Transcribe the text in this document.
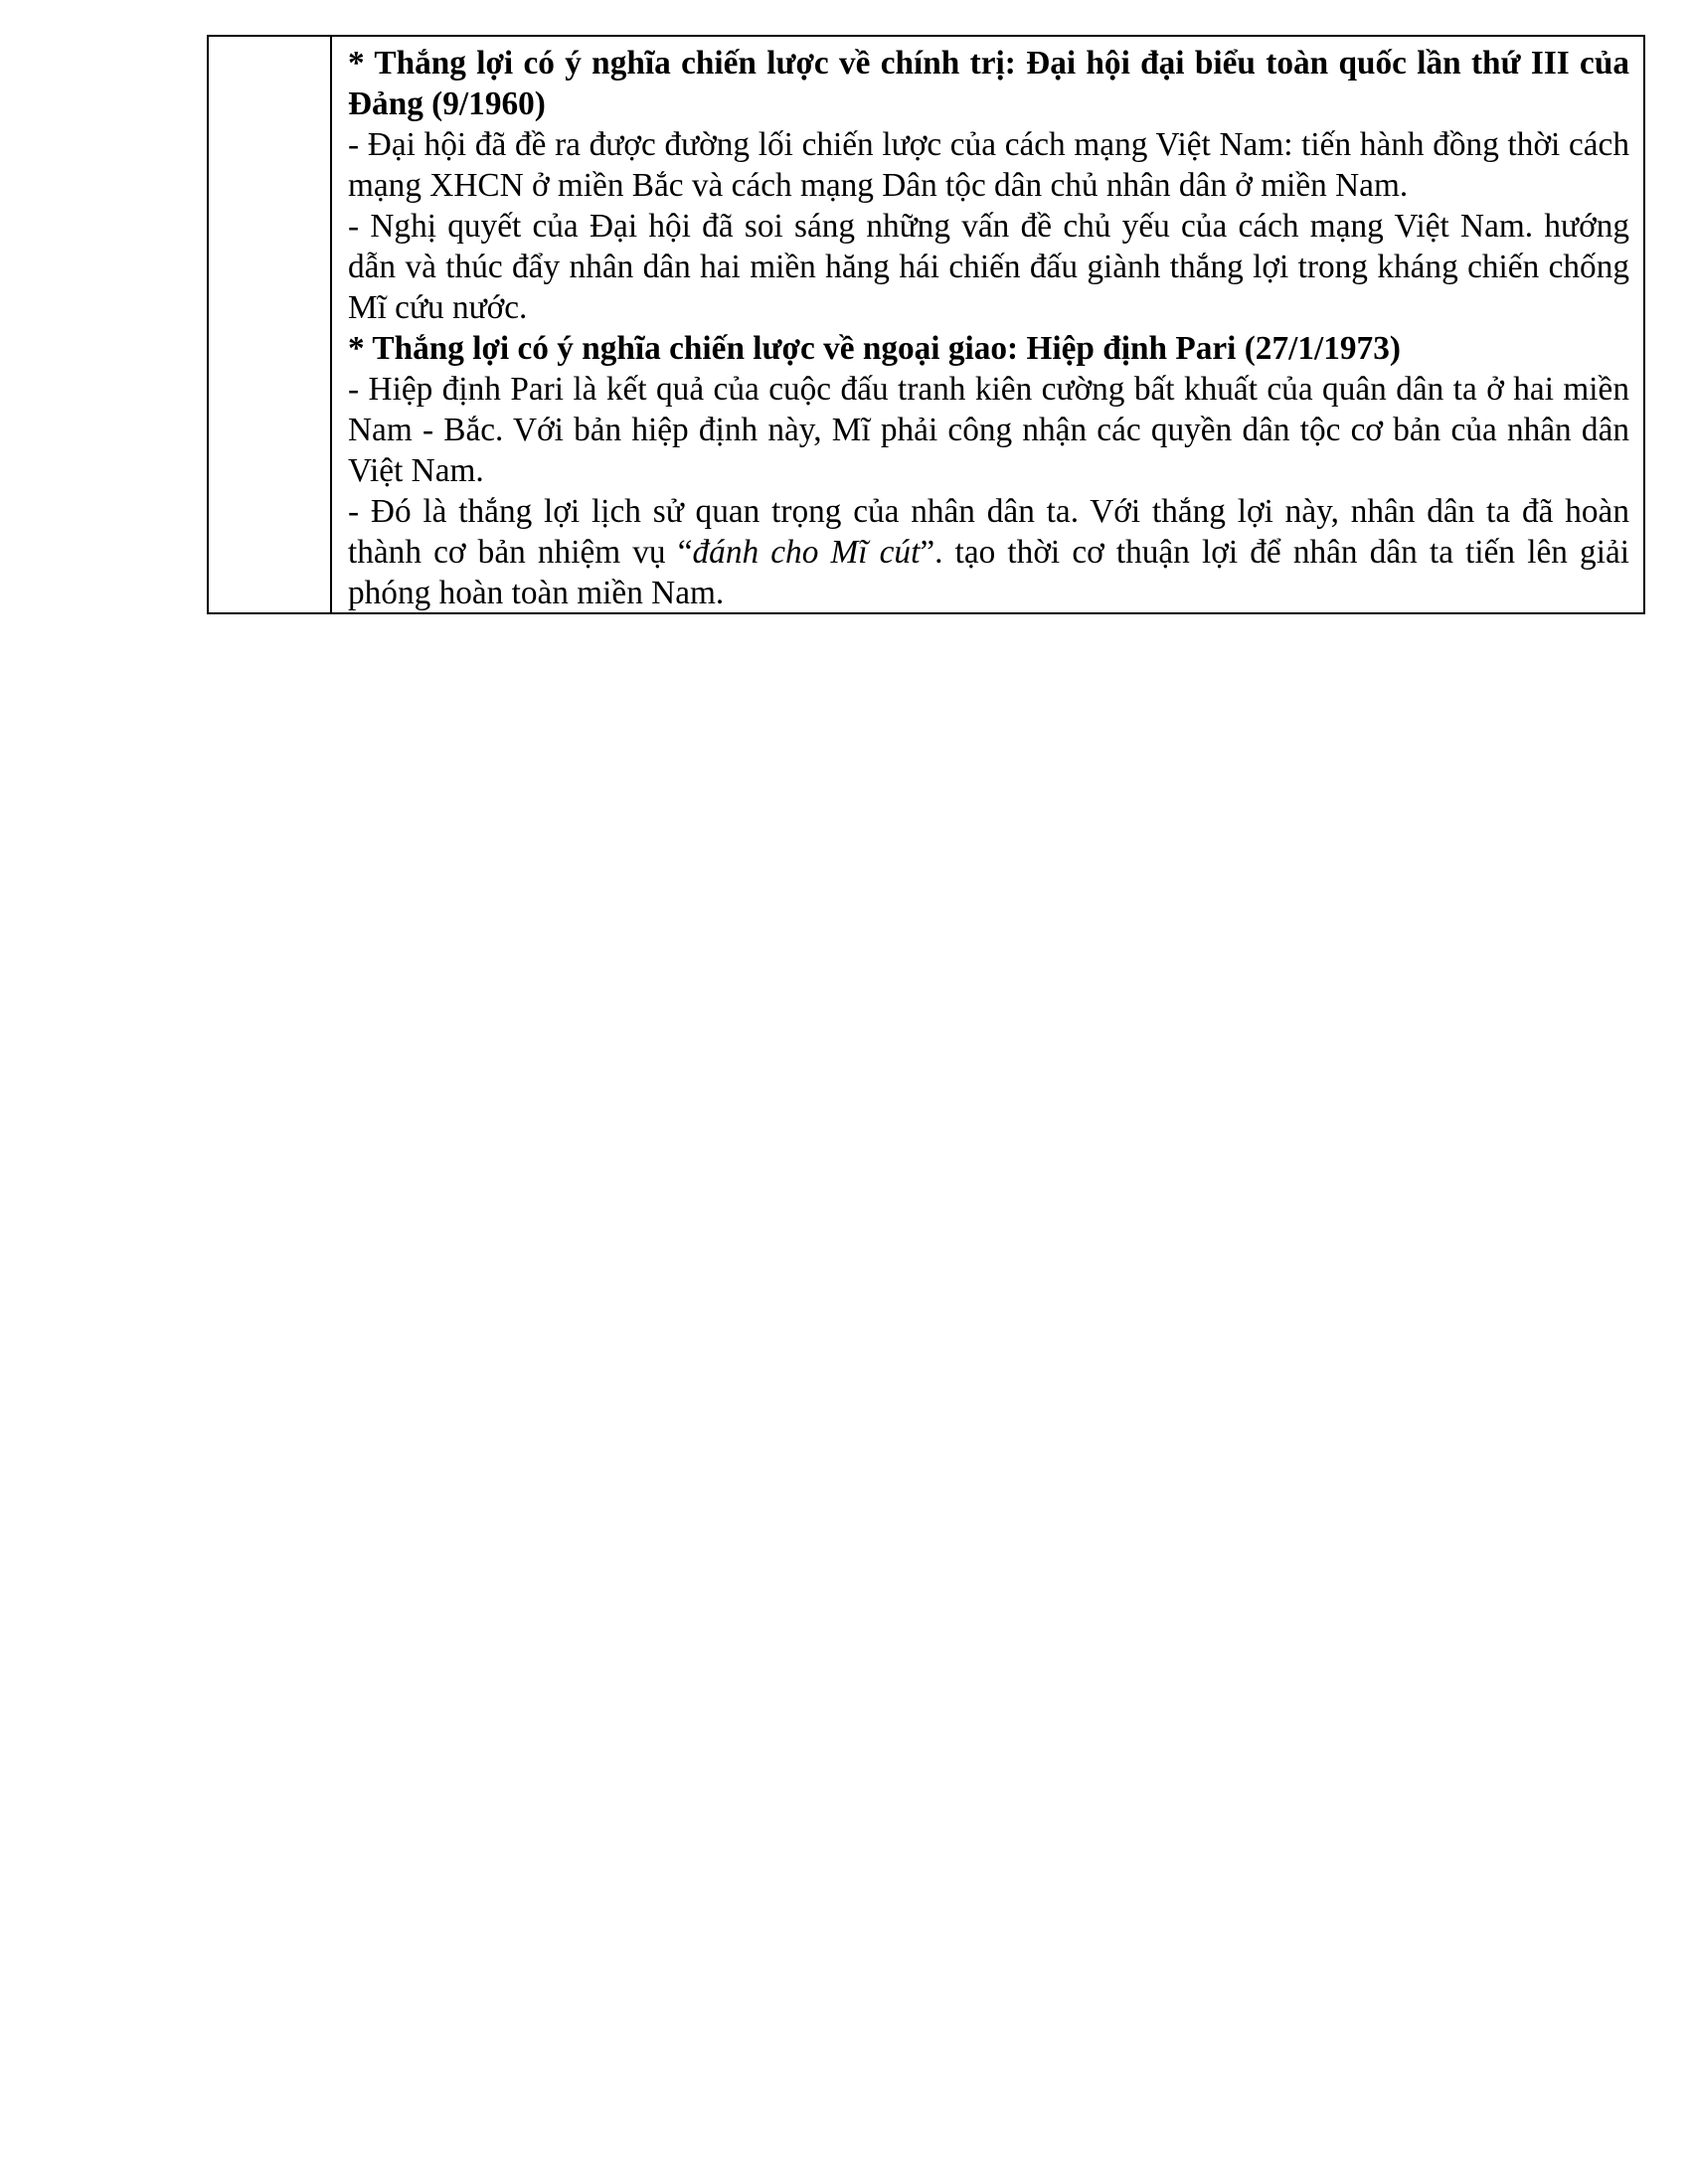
* Thắng lợi có ý nghĩa chiến lược về chính trị: Đại hội đại biểu toàn quốc lần thứ III của Đảng (9/1960)

- Đại hội đã đề ra được đường lối chiến lược của cách mạng Việt Nam: tiến hành đồng thời cách mạng XHCN ở miền Bắc và cách mạng Dân tộc dân chủ nhân dân ở miền Nam.

- Nghị quyết của Đại hội đã soi sáng những vấn đề chủ yếu của cách mạng Việt Nam. hướng dẫn và thúc đẩy nhân dân hai miền hăng hái chiến đấu giành thắng lợi trong kháng chiến chống Mĩ cứu nước.

* Thắng lợi có ý nghĩa chiến lược về ngoại giao: Hiệp định Pari (27/1/1973)

- Hiệp định Pari là kết quả của cuộc đấu tranh kiên cường bất khuất của quân dân ta ở hai miền Nam - Bắc. Với bản hiệp định này, Mĩ phải công nhận các quyền dân tộc cơ bản của nhân dân Việt Nam.

- Đó là thắng lợi lịch sử quan trọng của nhân dân ta. Với thắng lợi này, nhân dân ta đã hoàn thành cơ bản nhiệm vụ “đánh cho Mĩ cút”. tạo thời cơ thuận lợi để nhân dân ta tiến lên giải phóng hoàn toàn miền Nam.
